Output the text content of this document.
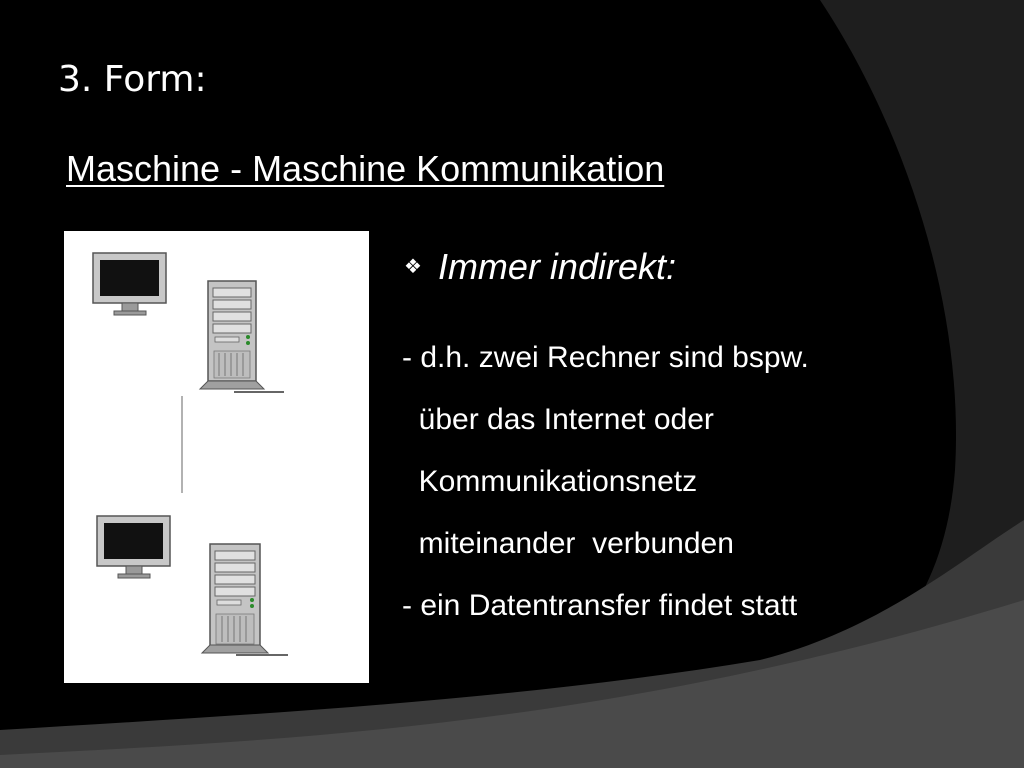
3. Form:
Maschine - Maschine Kommunikation
❖ Immer indirekt:
- d.h. zwei Rechner sind bspw.
über das Internet oder
Kommunikationsnetz
miteinander  verbunden
- ein Datentransfer findet statt
